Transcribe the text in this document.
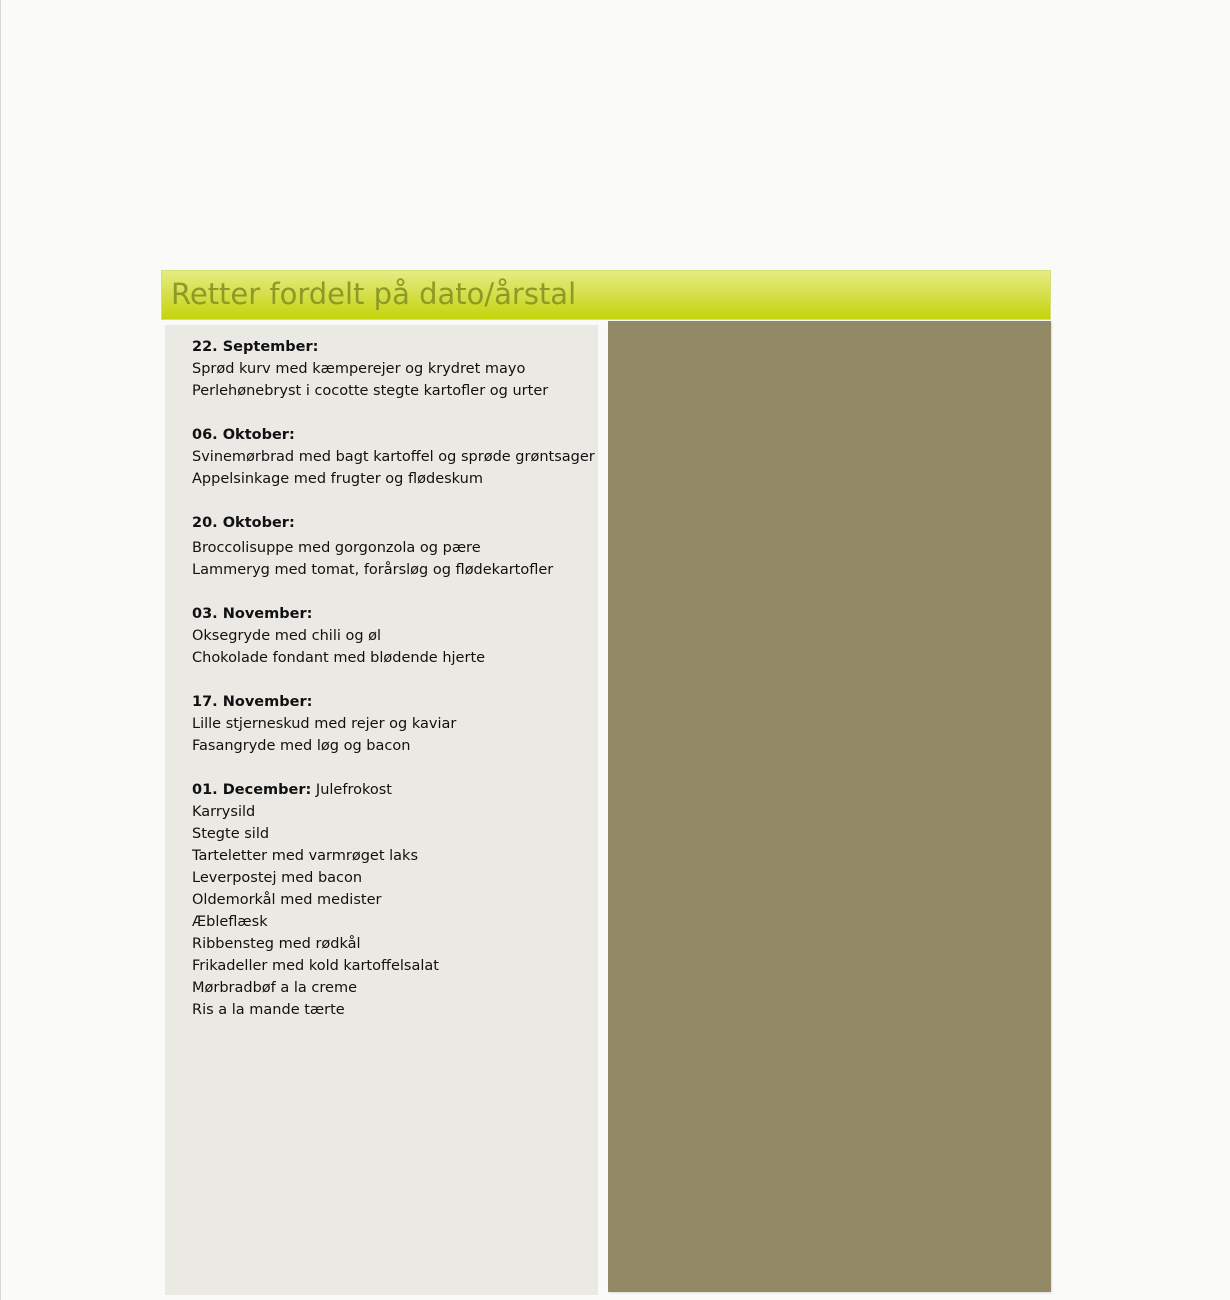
Retter fordelt på dato/årstal
22. September:
Sprød kurv med kæmperejer og krydret mayo
Perlehønebryst i cocotte stegte kartofler og urter
06. Oktober:
Svinemørbrad med bagt kartoffel og sprøde grøntsager
Appelsinkage med frugter og flødeskum
20. Oktober:
Broccolisuppe med gorgonzola og pære
Lammeryg med tomat, forårsløg og flødekartofler
03. November:
Oksegryde med chili og øl
Chokolade fondant med blødende hjerte
17. November:
Lille stjerneskud med rejer og kaviar
Fasangryde med løg og bacon
01. December: Julefrokost
Karrysild
Stegte sild
Tarteletter med varmrøget laks
Leverpostej med bacon
Oldemorkål med medister
Æbleflæsk
Ribbensteg med rødkål
Frikadeller med kold kartoffelsalat
Mørbradbøf a la creme
Ris a la mande tærte
